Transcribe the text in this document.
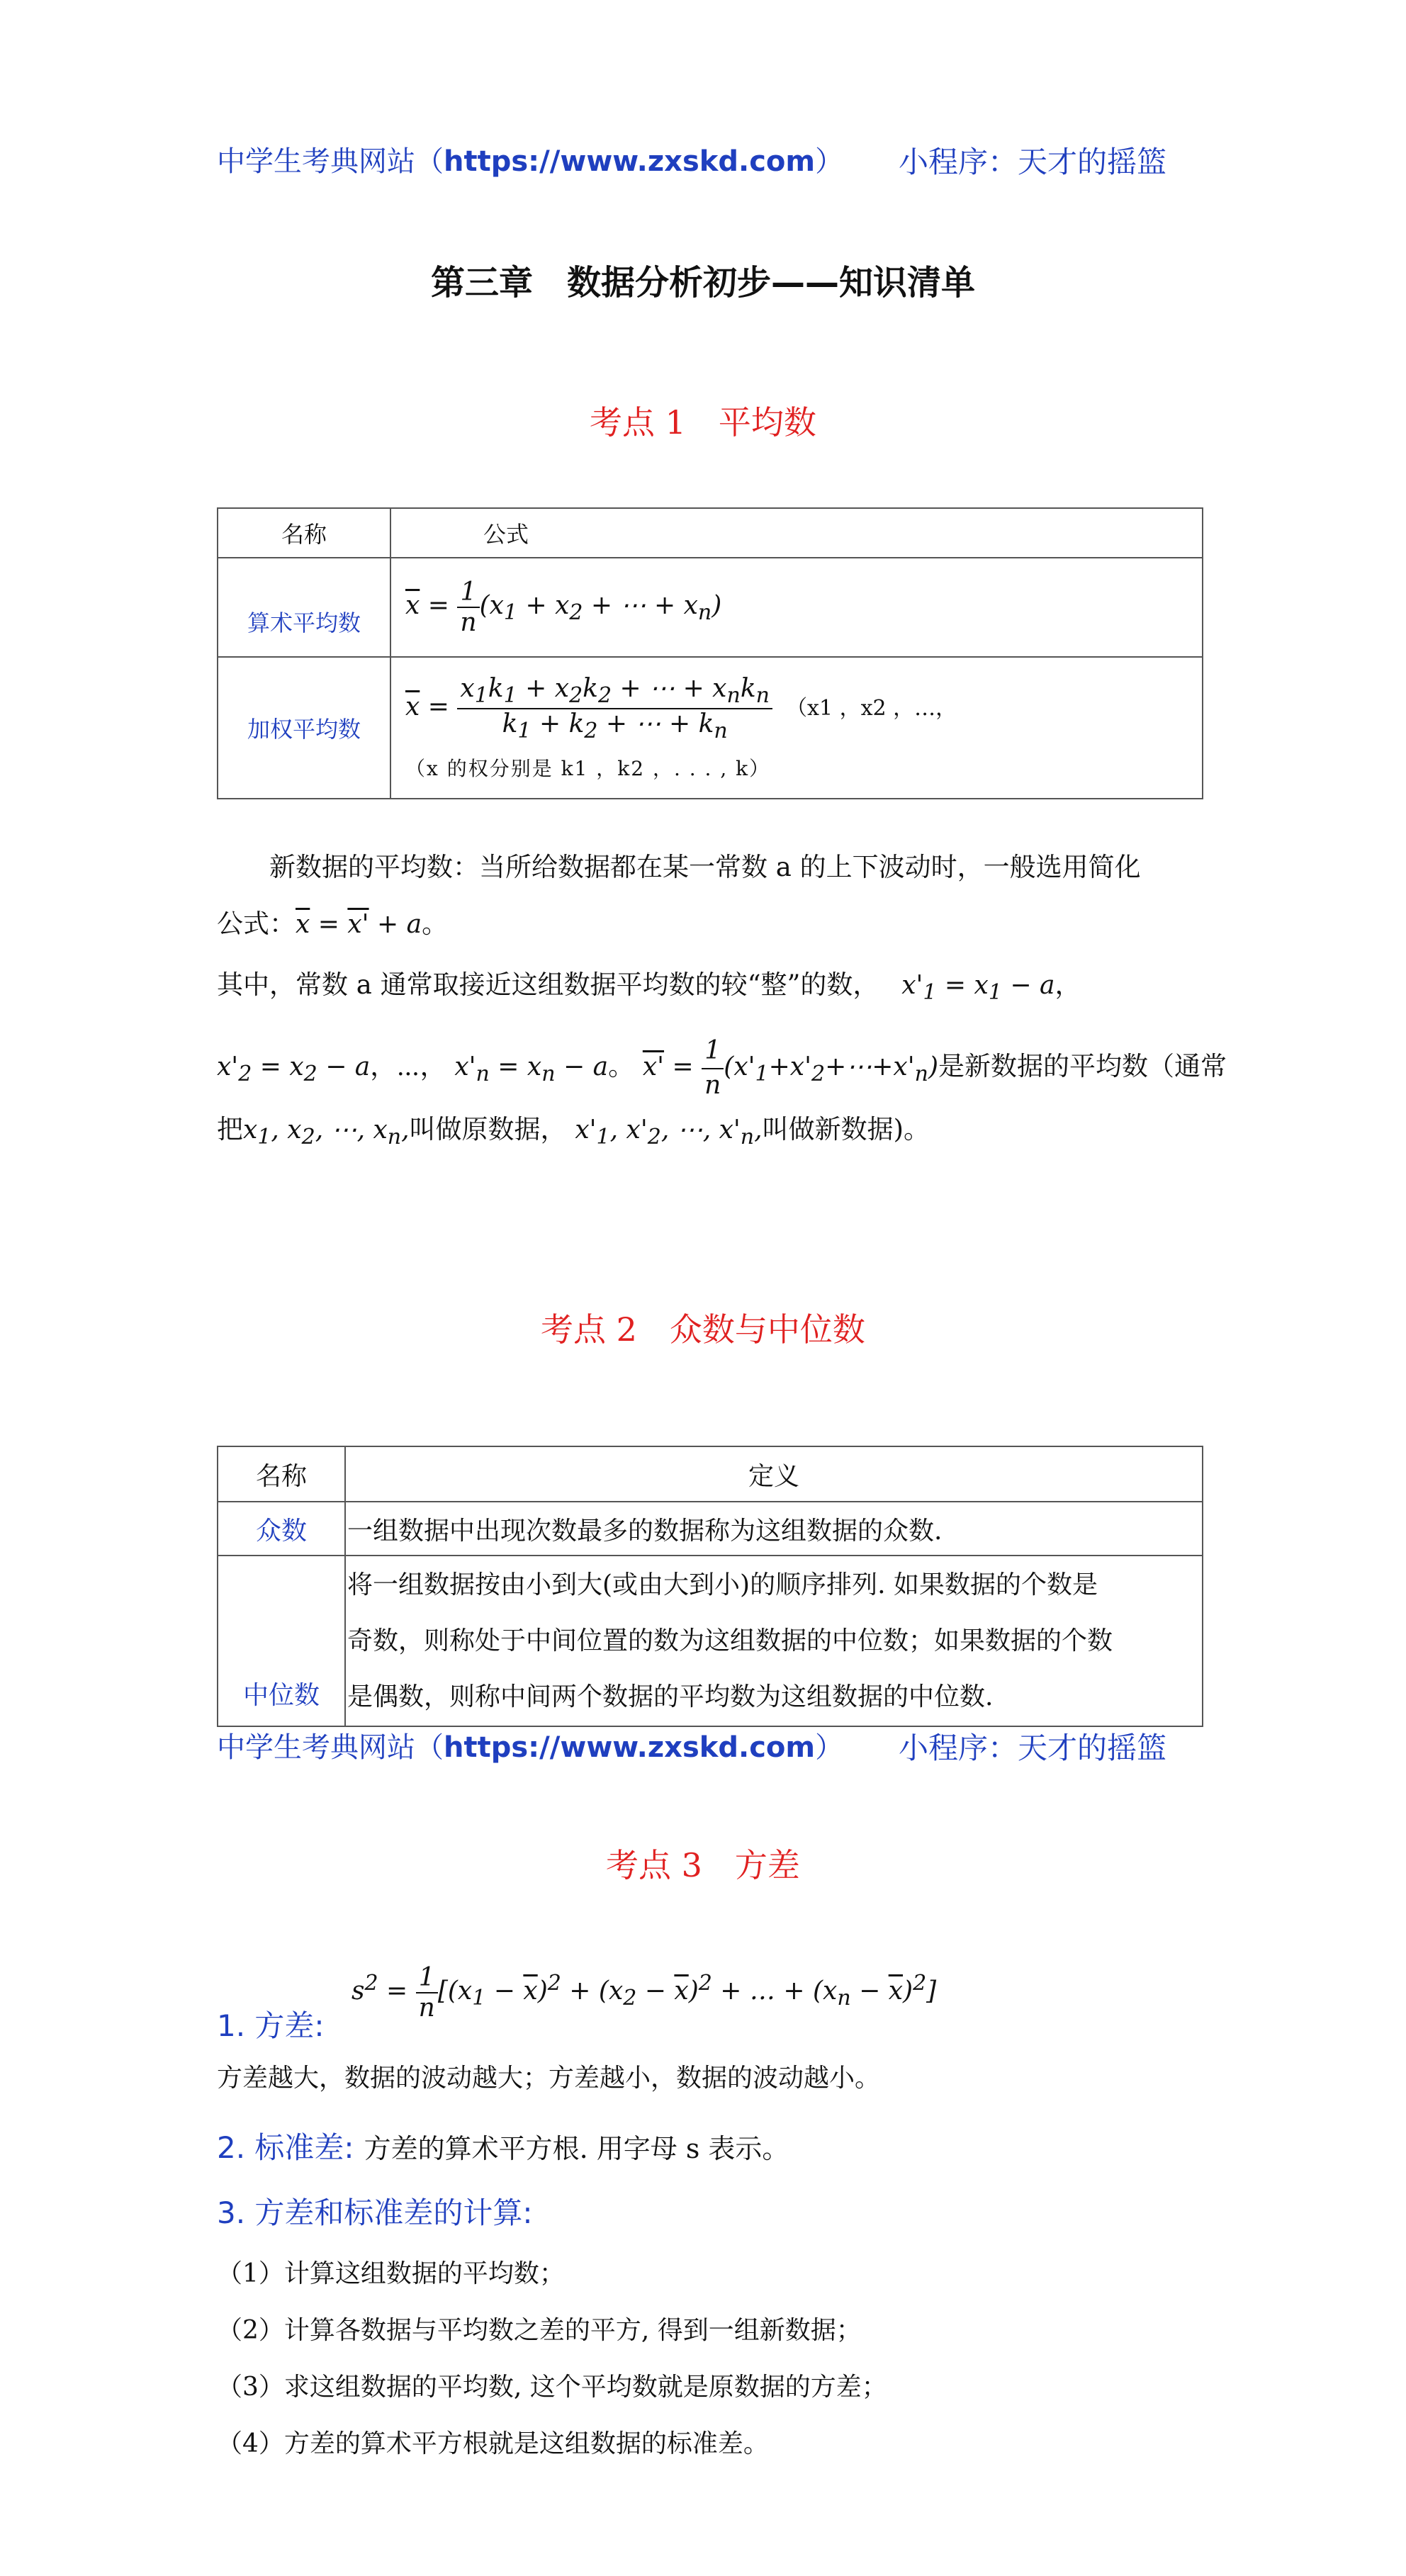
中学生考典网站（https://www.zxskd.com） 小程序：天才的摇篮
第三章　数据分析初步——知识清单
考点 1　平均数
名称	公式

算术平均数	$\overline{x} = \frac{1}{n} (x_1 + x_2$ + ⋯ + $x_n$)
加权平均数	$\overline{x} = \frac{x_1k_1 + x_2k_2 + \cdots + x_nk_n}{k_1 + k_2 + \cdots + k_n} (x1$ ，x2 ，…，
（x 的权分别是 k1 ，k2 ，. . . , k）
新数据的平均数：当所给数据都在某一常数 a 的上下波动时，一般选用简化
公式：$\overline{x} = x' + a$。
其中，常数 a 通常取接近这组数据平均数的较“整”的数， $x'_1 = x_1 - a$，
$x'_2 = x_2 - a$，⋯， $x'_n = x_n - a$。 $x' = \frac{1}{n}$ $(x'_1+x'_2+\cdots+x'_n)$是新数据的平均数（通常
把$x_1$, $x_2$, ⋯, $x_n$,叫做原数据， $x'_1$, $x'_2$, ⋯, $x'_n$,叫做新数据)。
考点 2　众数与中位数
名称	定义
众数	一组数据中出现次数最多的数据称为这组数据的众数.
中位数	将一组数据按由小到大(或由大到小)的顺序排列. 如果数据的个数是
奇数，则称处于中间位置的数为这组数据的中位数；如果数据的个数
是偶数，则称中间两个数据的平均数为这组数据的中位数.
中学生考典网站（https://www.zxskd.com） 小程序：天才的摇篮
考点 3　方差
$s^2 = \frac{1}{n} [(x_1 - \overline{x})^2 + (x_2 - \overline{x})^2$ + … + $(x_n - \overline{x})^2$]
1. 方差:
方差越大，数据的波动越大；方差越小，数据的波动越小。
2. 标准差: 方差的算术平方根. 用字母 s 表示。
3. 方差和标准差的计算:
（1）计算这组数据的平均数；
（2）计算各数据与平均数之差的平方, 得到一组新数据；
（3）求这组数据的平均数, 这个平均数就是原数据的方差；
（4）方差的算术平方根就是这组数据的标准差。
